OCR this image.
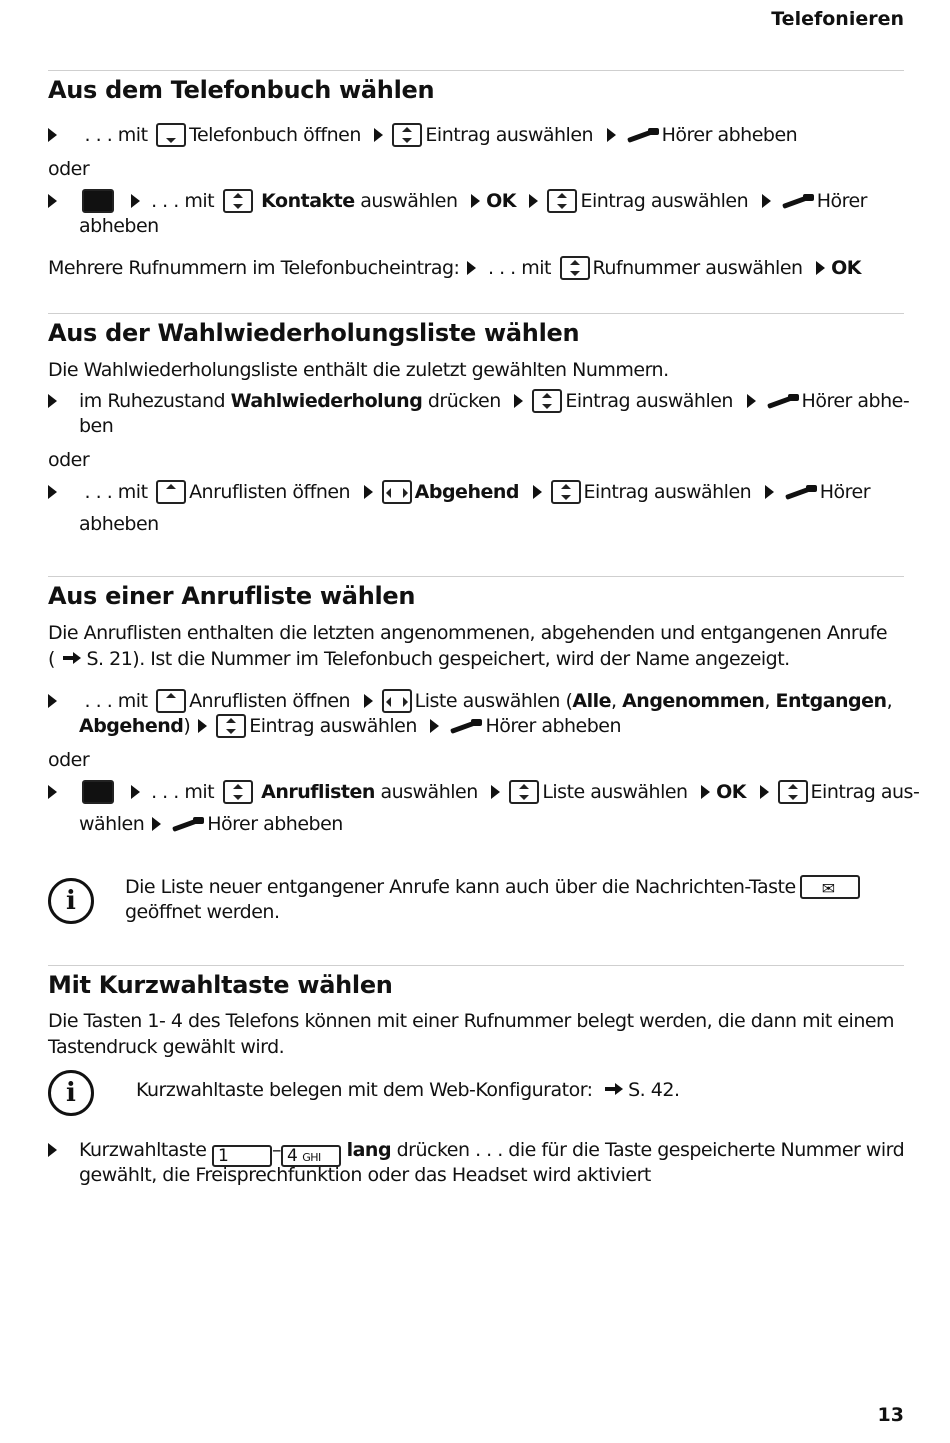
Telefonieren
Aus dem Telefonbuch wählen
. . . mit Telefonbuch öffnen	Eintrag auswählen	Hörer abheben
oder
. . . mit Kontakte auswählen OK	Eintrag auswählen	Hörer
abheben
Mehrere Rufnummern im Telefonbucheintrag: . . . mit Rufnummer auswählen OK
Aus der Wahlwiederholungsliste wählen
Die Wahlwiederholungsliste enthält die zuletzt gewählten Nummern.
im Ruhezustand Wahlwiederholung drücken	Eintrag auswählen	Hörer abhe-
ben
oder
. . . mit Anruflisten öffnen	Abgehend	Eintrag auswählen	Hörer
abheben
Aus einer Anrufliste wählen
Die Anruflisten enthalten die letzten angenommenen, abgehenden und entgangenen Anrufe
( S. 21). Ist die Nummer im Telefonbuch gespeichert, wird der Name angezeigt.
. . . mit Anruflisten öffnen	Liste auswählen (Alle, Angenommen, Entgangen,
Abgehend)	Eintrag auswählen	Hörer abheben
oder
. . . mit Anruflisten auswählen	Liste auswählen OK	Eintrag aus-
wählen	Hörer abheben
i	Die Liste neuer entgangener Anrufe kann auch über die Nachrichten-Taste✉
geöffnet werden.
Mit Kurzwahltaste wählen
Die Tasten 1- 4 des Telefons können mit einer Rufnummer belegt werden, die dann mit einem
Tastendruck gewählt wird.
i	Kurzwahltaste belegen mit dem Web-Konfigurator: S. 42.
Kurzwahltaste 1 – 4 GHI lang drücken . . . die für die Taste gespeicherte Nummer wird
gewählt, die Freisprechfunktion oder das Headset wird aktiviert
13
